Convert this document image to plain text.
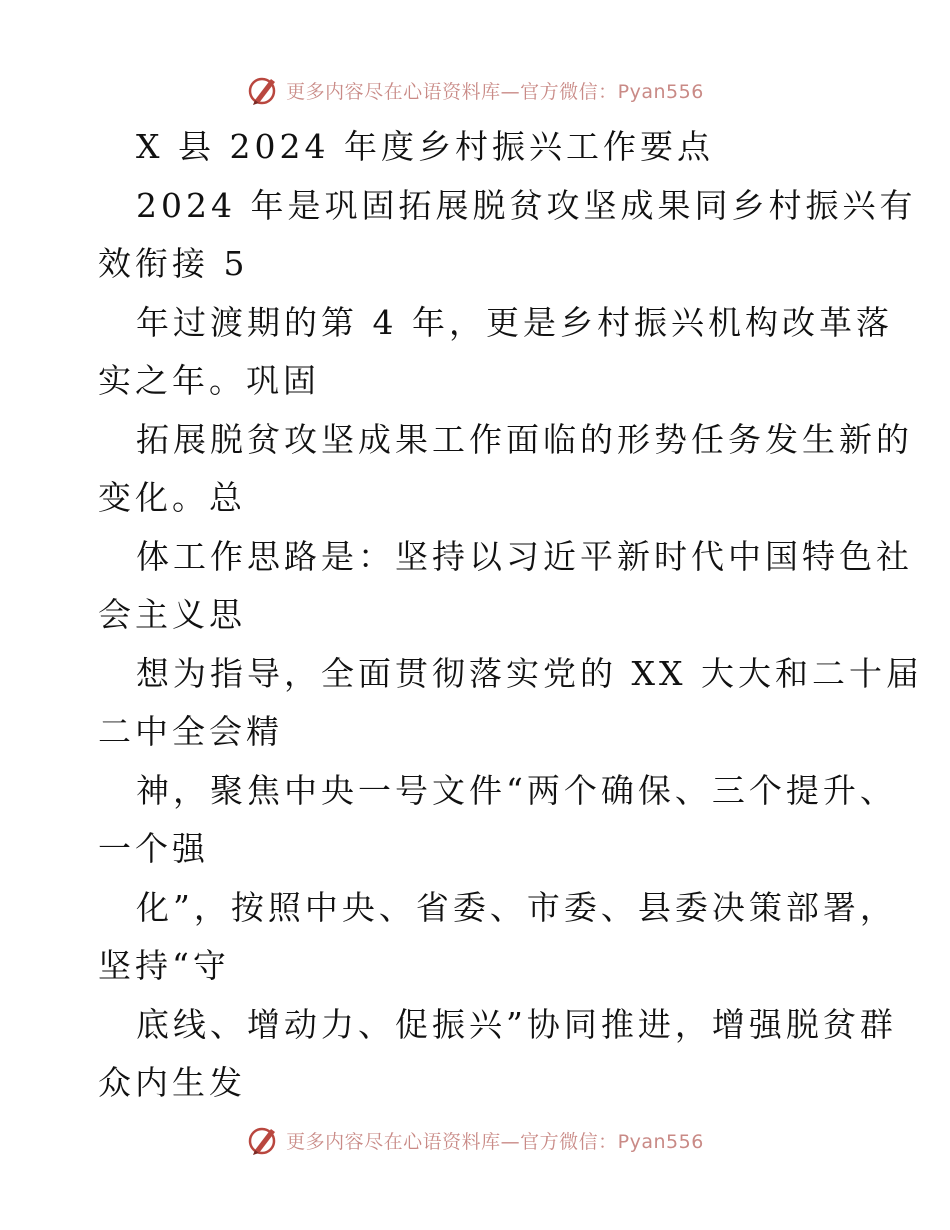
更多内容尽在心语资料库—官方微信：Pyan556
X 县 2024 年度乡村振兴工作要点
2024 年是巩固拓展脱贫攻坚成果同乡村振兴有
效衔接 5
年过渡期的第 4 年，更是乡村振兴机构改革落
实之年。巩固
拓展脱贫攻坚成果工作面临的形势任务发生新的
变化。总
体工作思路是：坚持以习近平新时代中国特色社
会主义思
想为指导，全面贯彻落实党的 XX 大大和二十届
二中全会精
神，聚焦中央一号文件“两个确保、三个提升、
一个强
化”，按照中央、省委、市委、县委决策部署，
坚持“守
底线、增动力、促振兴”协同推进，增强脱贫群
众内生发
更多内容尽在心语资料库—官方微信：Pyan556
